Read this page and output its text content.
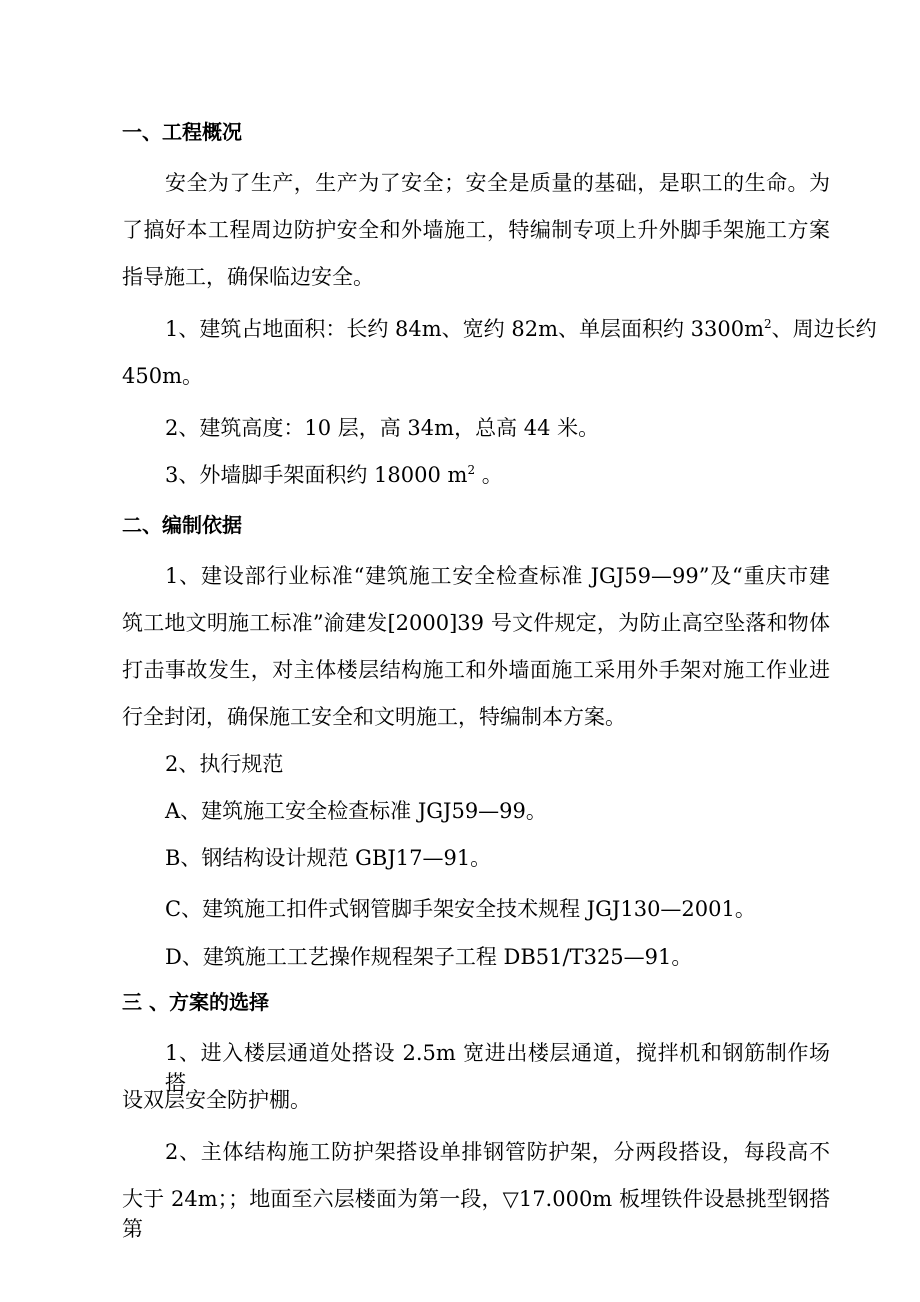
一、工程概况
安全为了生产，生产为了安全；安全是质量的基础，是职工的生命。为
了搞好本工程周边防护安全和外墙施工，特编制专项上升外脚手架施工方案
指导施工，确保临边安全。
1、建筑占地面积：长约 84m、宽约 82m、单层面积约 $3300m^2$、周边长约
450m。
2、建筑高度：10 层，高 34m，总高 44 米。
3、外墙脚手架面积约 18000 $m^2$ 。
二、编制依据
1、建设部行业标准“建筑施工安全检查标准 JGJ59—99”及“重庆市建
筑工地文明施工标准”渝建发[2000]39 号文件规定，为防止高空坠落和物体
打击事故发生，对主体楼层结构施工和外墙面施工采用外手架对施工作业进
行全封闭，确保施工安全和文明施工，特编制本方案。
2、执行规范
A、建筑施工安全检查标准 JGJ59—99。
B、钢结构设计规范 GBJ17—91。
C、建筑施工扣件式钢管脚手架安全技术规程 JGJ130—2001。
D、建筑施工工艺操作规程架子工程 DB51/T325—91。
三 、方案的选择
1、进入楼层通道处搭设 2.5m 宽进出楼层通道，搅拌机和钢筋制作场搭
设双层安全防护棚。
2、主体结构施工防护架搭设单排钢管防护架，分两段搭设，每段高不
大于 24m；；地面至六层楼面为第一段，▽17.000m 板埋铁件设悬挑型钢搭第
